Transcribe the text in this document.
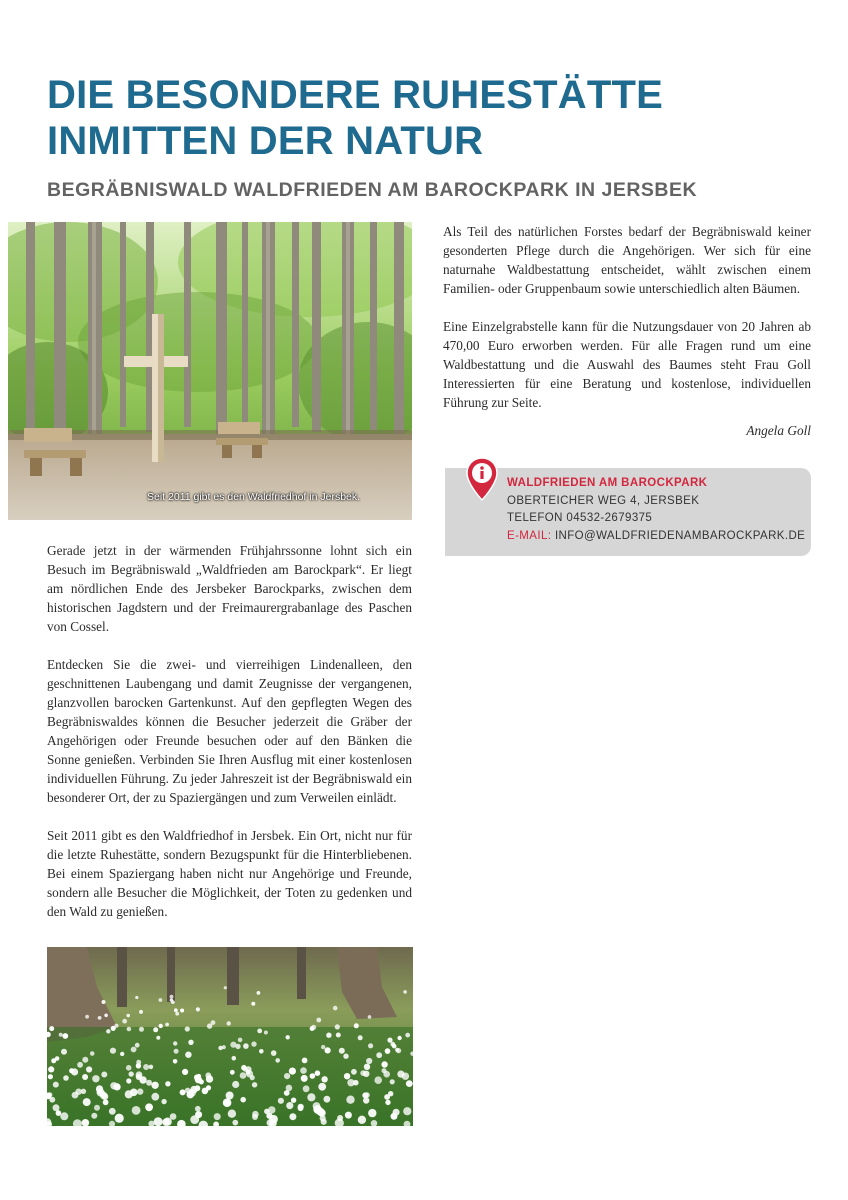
DIE BESONDERE RUHESTÄTTE
INMITTEN DER NATUR
BEGRÄBNISWALD WALDFRIEDEN AM BAROCKPARK IN JERSBEK
Seit 2011 gibt es den Waldfriedhof in Jersbek.

Gerade jetzt in der wärmenden Frühjahrssonne lohnt sich ein Besuch im Begräbniswald „Waldfrieden am Barockpark“. Er liegt am nördlichen Ende des Jersbeker Barockparks, zwischen dem historischen Jagdstern und der Freimaurergrabanlage des Paschen von Cossel.

Entdecken Sie die zwei- und vierreihigen Lindenalleen, den geschnittenen Laubengang und damit Zeugnisse der vergangenen, glanzvollen barocken Gartenkunst. Auf den gepflegten Wegen des Begräbniswaldes können die Besucher jederzeit die Gräber der Angehörigen oder Freunde besuchen oder auf den Bänken die Sonne genießen. Verbinden Sie Ihren Ausflug mit einer kostenlosen individuellen Führung. Zu jeder Jahreszeit ist der Begräbniswald ein besonderer Ort, der zu Spaziergängen und zum Verweilen einlädt.

Seit 2011 gibt es den Waldfriedhof in Jersbek. Ein Ort, nicht nur für die letzte Ruhestätte, sondern Bezugspunkt für die Hinterbliebenen. Bei einem Spaziergang haben nicht nur Angehörige und Freunde, sondern alle Besucher die Möglichkeit, der Toten zu gedenken und den Wald zu genießen.

Als Teil des natürlichen Forstes bedarf der Begräbniswald keiner gesonderten Pflege durch die Angehörigen. Wer sich für eine naturnahe Waldbestattung entscheidet, wählt zwischen einem Familien- oder Gruppenbaum sowie unterschiedlich alten Bäumen.

Eine Einzelgrabstelle kann für die Nutzungsdauer von 20 Jahren ab 470,00 Euro erworben werden. Für alle Fragen rund um eine Waldbestattung und die Auswahl des Baumes steht Frau Goll Interessierten für eine Beratung und kostenlose, individuellen Führung zur Seite.

Angela Goll
WALDFRIEDEN AM BAROCKPARK
OBERTEICHER WEG 4, JERSBEK
TELEFON 04532-2679375
E-MAIL: INFO@WALDFRIEDENAMBAROCKPARK.DE
